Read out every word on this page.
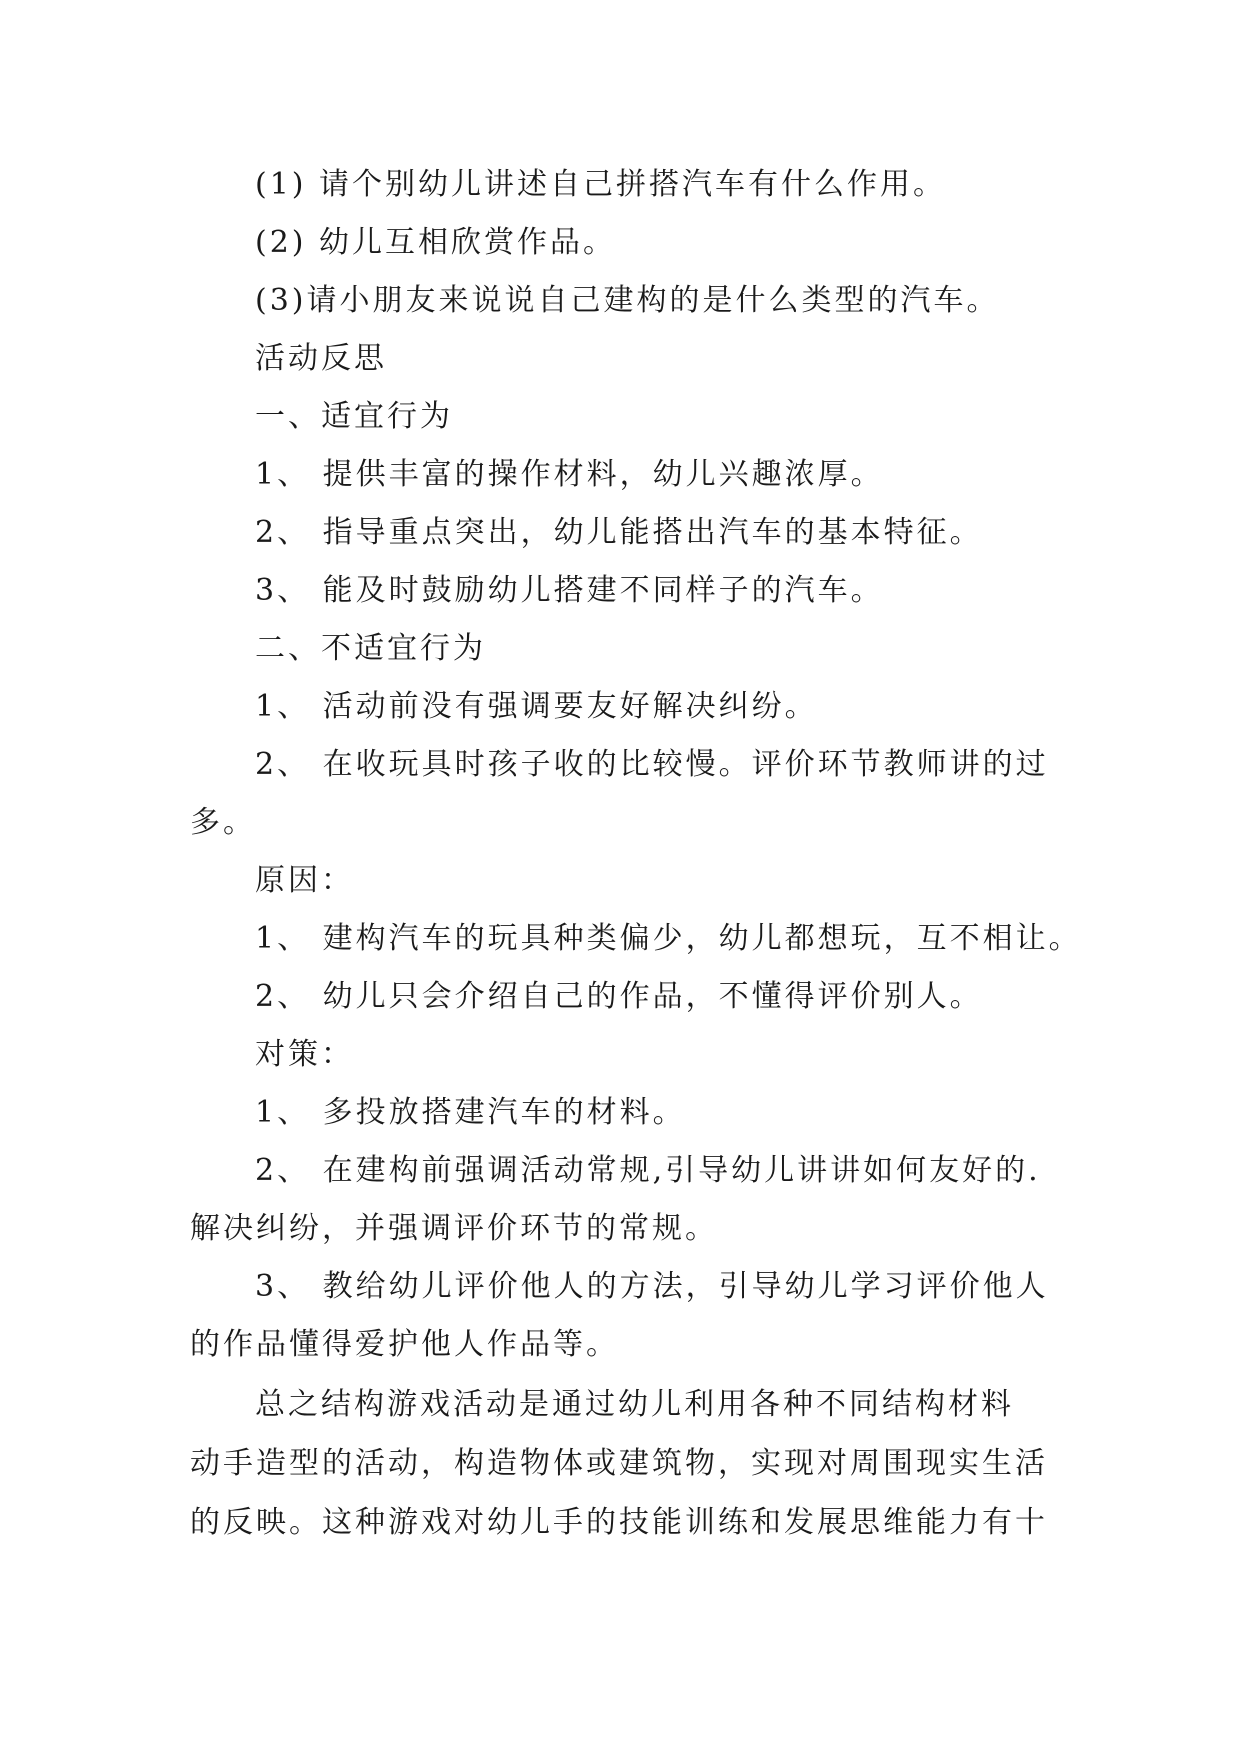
(1) 请个别幼儿讲述自己拼搭汽车有什么作用。
(2) 幼儿互相欣赏作品。
(3)请小朋友来说说自己建构的是什么类型的汽车。
活动反思
一、适宜行为
1、 提供丰富的操作材料，幼儿兴趣浓厚。
2、 指导重点突出，幼儿能搭出汽车的基本特征。
3、 能及时鼓励幼儿搭建不同样子的汽车。
二、不适宜行为
1、 活动前没有强调要友好解决纠纷。
2、 在收玩具时孩子收的比较慢。评价环节教师讲的过
多。
原因：
1、 建构汽车的玩具种类偏少，幼儿都想玩，互不相让。
2、 幼儿只会介绍自己的作品，不懂得评价别人。
对策：
1、 多投放搭建汽车的材料。
2、 在建构前强调活动常规,引导幼儿讲讲如何友好的.
解决纠纷，并强调评价环节的常规。
3、 教给幼儿评价他人的方法，引导幼儿学习评价他人
的作品懂得爱护他人作品等。
总之结构游戏活动是通过幼儿利用各种不同结构材料
动手造型的活动，构造物体或建筑物，实现对周围现实生活
的反映。这种游戏对幼儿手的技能训练和发展思维能力有十
